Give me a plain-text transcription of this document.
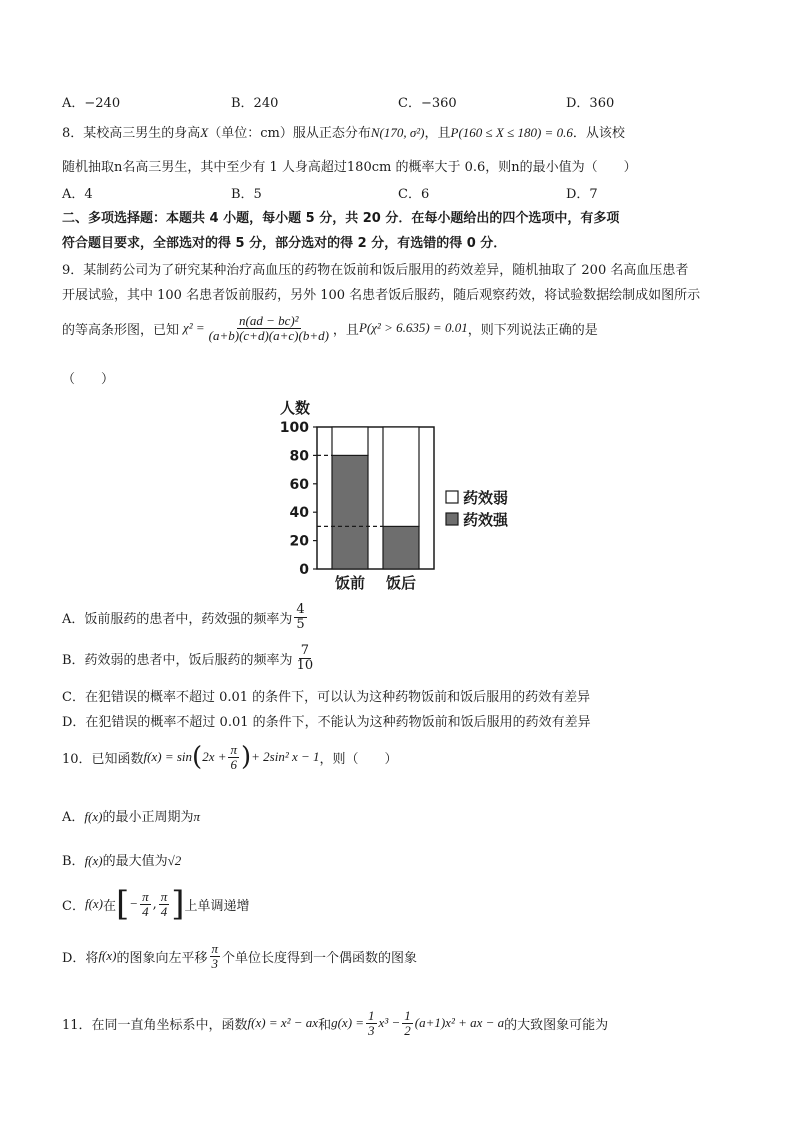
A．−240	B．240	C．−360	D．360
8．某校高三男生的身高X（单位：cm）服从正态分布N(170, σ²)，且P(160 ≤ X ≤ 180) = 0.6．从该校
随机抽取n名高三男生，其中至少有 1 人身高超过180cm 的概率大于 0.6，则n的最小值为（　　）
A．4	B．5	C．6	D．7
二、多项选择题：本题共 4 小题，每小题 5 分，共 20 分．在每小题给出的四个选项中，有多项
符合题目要求，全部选对的得 5 分，部分选对的得 2 分，有选错的得 0 分．
9．某制药公司为了研究某种治疗高血压的药物在饭前和饭后服用的药效差异，随机抽取了 200 名高血压患者
开展试验，其中 100 名患者饭前服药，另外 100 名患者饭后服药，随后观察药效，将试验数据绘制成如图所示
的等高条形图，已知 $\chi^2 = \frac{\text{n(ad − bc)²}}{(a+b)(c+d)(a+c)(b+d)}$ ，且 P(χ² > 6.635) = 0.01 ，则下列说法正确的是
（　　）
人数
0
20
40
60
80
100
饭前 饭后
药效弱
药效强
A．饭前服药的患者中，药效强的频率为 $\frac{4}{5}$
B．药效弱的患者中，饭后服药的频率为 $\frac{7}{10}$
C．在犯错误的概率不超过 0.01 的条件下，可以认为这种药物饭前和饭后服用的药效有差异
D．在犯错误的概率不超过 0.01 的条件下，不能认为这种药物饭前和饭后服用的药效有差异
10．已知函数 f(x) = sin ( $2x + \frac{\pi}{6}$ ) + 2sin² x − 1 ，则（　　）
A．f(x)的最小正周期为π
B．f(x)的最大值为√2
C． f(x) 在 [ − $\frac{\pi}{4}$ , $\frac{\pi}{4}$ ] 上单调递增
D．将 f(x) 的图象向左平移 $\frac{\pi}{3}$ 个单位长度得到一个偶函数的图象
11．在同一直角坐标系中，函数 f(x) = x² − ax 和 $g(x) = \frac{1}{3} x^3 - \frac{1}{2} (a+1)x^2$ + ax − a 的大致图象可能为
